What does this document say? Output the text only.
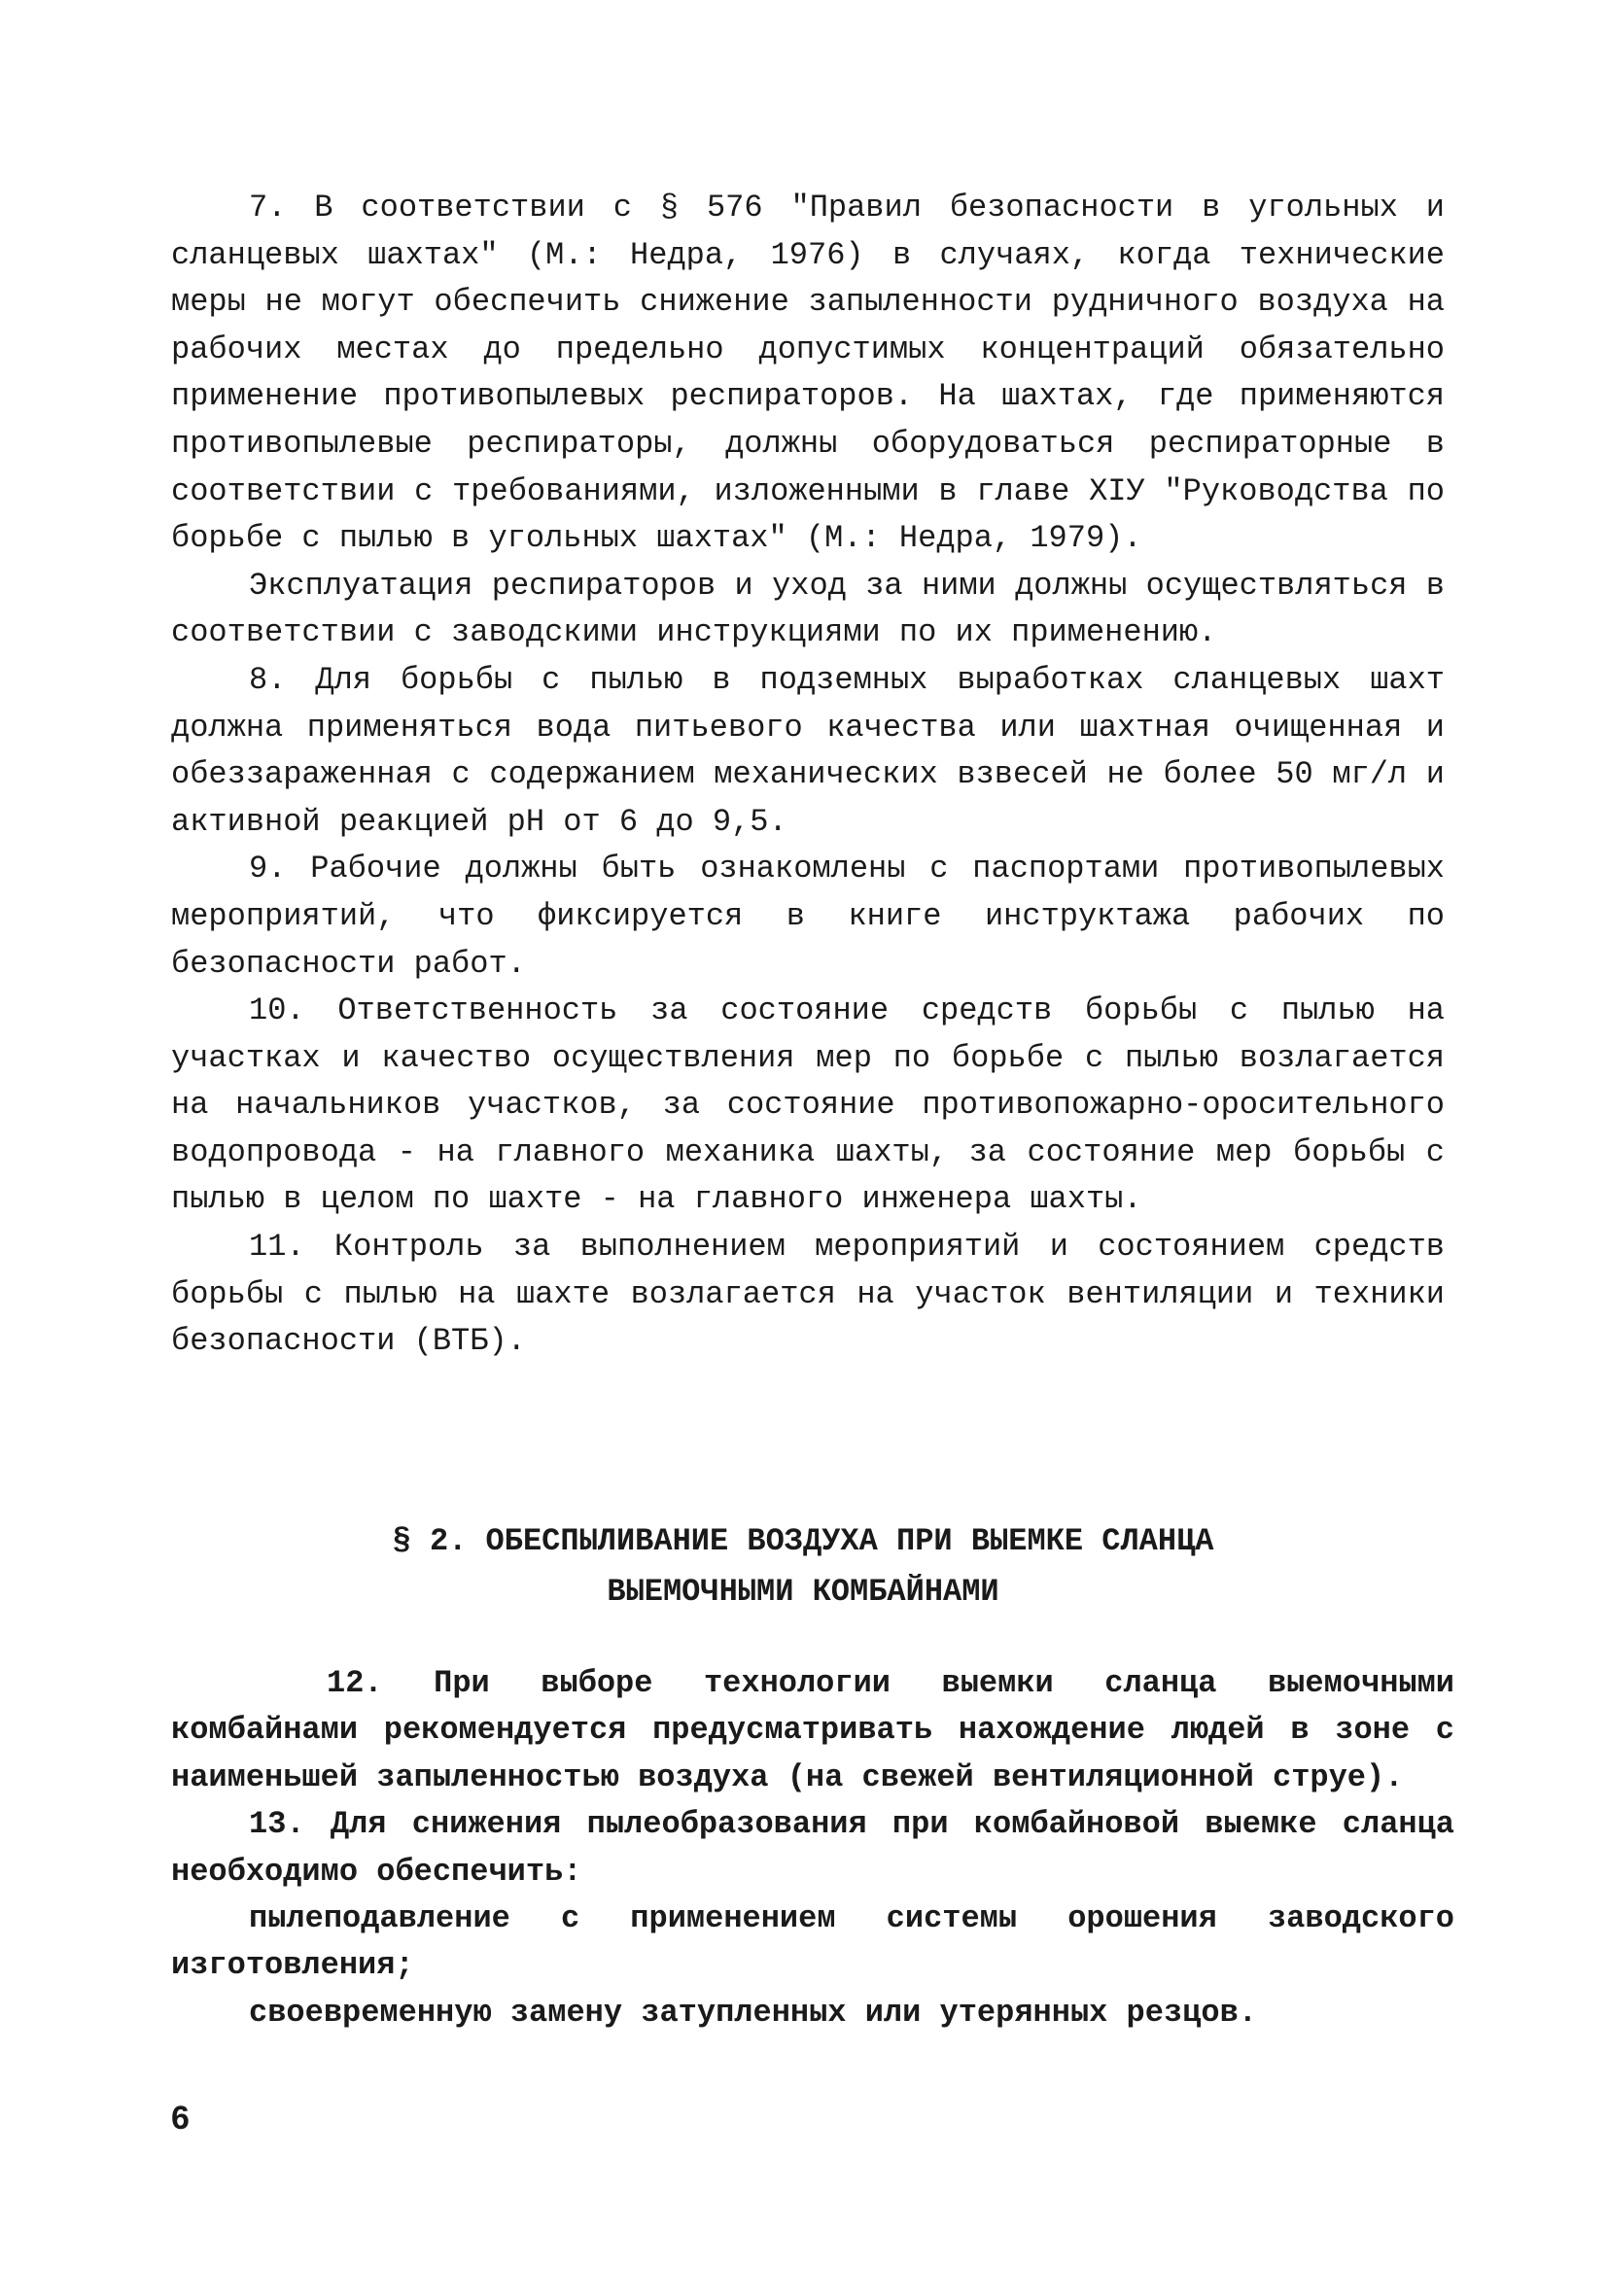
7. В соответствии с § 576 "Правил безопасности в угольных и сланцевых шахтах" (М.: Недра, 1976) в случаях, когда технические меры не могут обеспечить снижение запыленности рудничного воздуха на рабочих местах до предельно допустимых концентраций обязательно применение противопылевых респираторов. На шахтах, где применяются противопылевые респираторы, должны оборудоваться респираторные в соответствии с требованиями, изложенными в главе XIУ "Руководства по борьбе с пылью в угольных шахтах" (М.: Недра, 1979).

Эксплуатация респираторов и уход за ними должны осуществляться в соответствии с заводскими инструкциями по их применению.

8. Для борьбы с пылью в подземных выработках сланцевых шахт должна применяться вода питьевого качества или шахтная очищенная и обеззараженная с содержанием механических взвесей не более 50 мг/л и активной реакцией рН от 6 до 9,5.

9. Рабочие должны быть ознакомлены с паспортами противопылевых мероприятий, что фиксируется в книге инструктажа рабочих по безопасности работ.

10. Ответственность за состояние средств борьбы с пылью на участках и качество осуществления мер по борьбе с пылью возлагается на начальников участков, за состояние противопожарно-оросительного водопровода - на главного механика шахты, за состояние мер борьбы с пылью в целом по шахте - на главного инженера шахты.

11. Контроль за выполнением мероприятий и состоянием средств борьбы с пылью на шахте возлагается на участок вентиляции и техники безопасности (ВТБ).

§ 2. ОБЕСПЫЛИВАНИЕ ВОЗДУХА ПРИ ВЫЕМКЕ СЛАНЦА
ВЫЕМОЧНЫМИ КОМБАЙНАМИ

12. При выборе технологии выемки сланца выемочными комбайнами рекомендуется предусматривать нахождение людей в зоне с наименьшей запыленностью воздуха (на свежей вентиляционной струе).

13. Для снижения пылеобразования при комбайновой выемке сланца необходимо обеспечить:

пылеподавление с применением системы орошения заводского изготовления;

своевременную замену затупленных или утерянных резцов.

6
